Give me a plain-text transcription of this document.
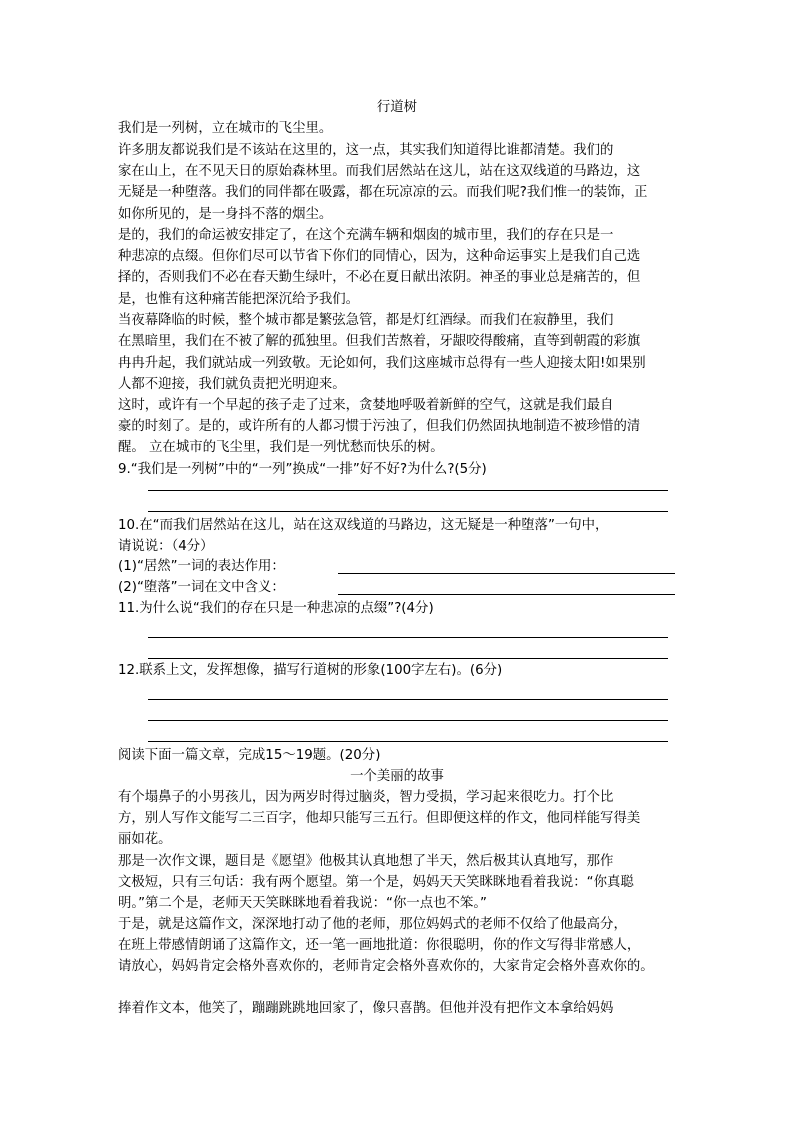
行道树
我们是一列树，立在城市的飞尘里。
许多朋友都说我们是不该站在这里的，这一点，其实我们知道得比谁都清楚。我们的
家在山上，在不见天日的原始森林里。而我们居然站在这儿，站在这双线道的马路边，这
无疑是一种堕落。我们的同伴都在吸露，都在玩凉凉的云。而我们呢?我们惟一的装饰，正
如你所见的，是一身抖不落的烟尘。
是的，我们的命运被安排定了，在这个充满车辆和烟囱的城市里，我们的存在只是一
种悲凉的点缀。但你们尽可以节省下你们的同情心，因为，这种命运事实上是我们自己选
择的，否则我们不必在春天勤生绿叶，不必在夏日献出浓阴。神圣的事业总是痛苦的，但
是，也惟有这种痛苦能把深沉给予我们。
当夜幕降临的时候，整个城市都是繁弦急管，都是灯红酒绿。而我们在寂静里，我们
在黑暗里，我们在不被了解的孤独里。但我们苦熬着，牙龈咬得酸痛，直等到朝霞的彩旗
冉冉升起，我们就站成一列致敬。无论如何，我们这座城市总得有一些人迎接太阳!如果别
人都不迎接，我们就负责把光明迎来。
这时，或许有一个早起的孩子走了过来，贪婪地呼吸着新鲜的空气，这就是我们最自
豪的时刻了。是的，或许所有的人都习惯于污浊了，但我们仍然固执地制造不被珍惜的清
醒。 立在城市的飞尘里，我们是一列忧愁而快乐的树。
9.“我们是一列树”中的“一列”换成“一排”好不好?为什么?(5分)
10.在“而我们居然站在这儿，站在这双线道的马路边，这无疑是一种堕落”一句中，
请说说：（4分）
(1)“居然”一词的表达作用：
(2)“堕落”一词在文中含义：
11.为什么说“我们的存在只是一种悲凉的点缀”?(4分)
12.联系上文，发挥想像，描写行道树的形象(100字左右)。(6分)
阅读下面一篇文章，完成15～19题。(20分)
一个美丽的故事
有个塌鼻子的小男孩儿，因为两岁时得过脑炎，智力受损，学习起来很吃力。打个比
方，别人写作文能写二三百字，他却只能写三五行。但即便这样的作文，他同样能写得美
丽如花。
那是一次作文课，题目是《愿望》他极其认真地想了半天，然后极其认真地写，那作
文极短，只有三句话：我有两个愿望。第一个是，妈妈天天笑眯眯地看着我说：“你真聪
明。”第二个是，老师天天笑眯眯地看着我说：“你一点也不笨。”
于是，就是这篇作文，深深地打动了他的老师，那位妈妈式的老师不仅给了他最高分，
在班上带感情朗诵了这篇作文，还一笔一画地批道：你很聪明，你的作文写得非常感人，
请放心，妈妈肯定会格外喜欢你的，老师肯定会格外喜欢你的，大家肯定会格外喜欢你的。
捧着作文本，他笑了，蹦蹦跳跳地回家了，像只喜鹊。但他并没有把作文本拿给妈妈
